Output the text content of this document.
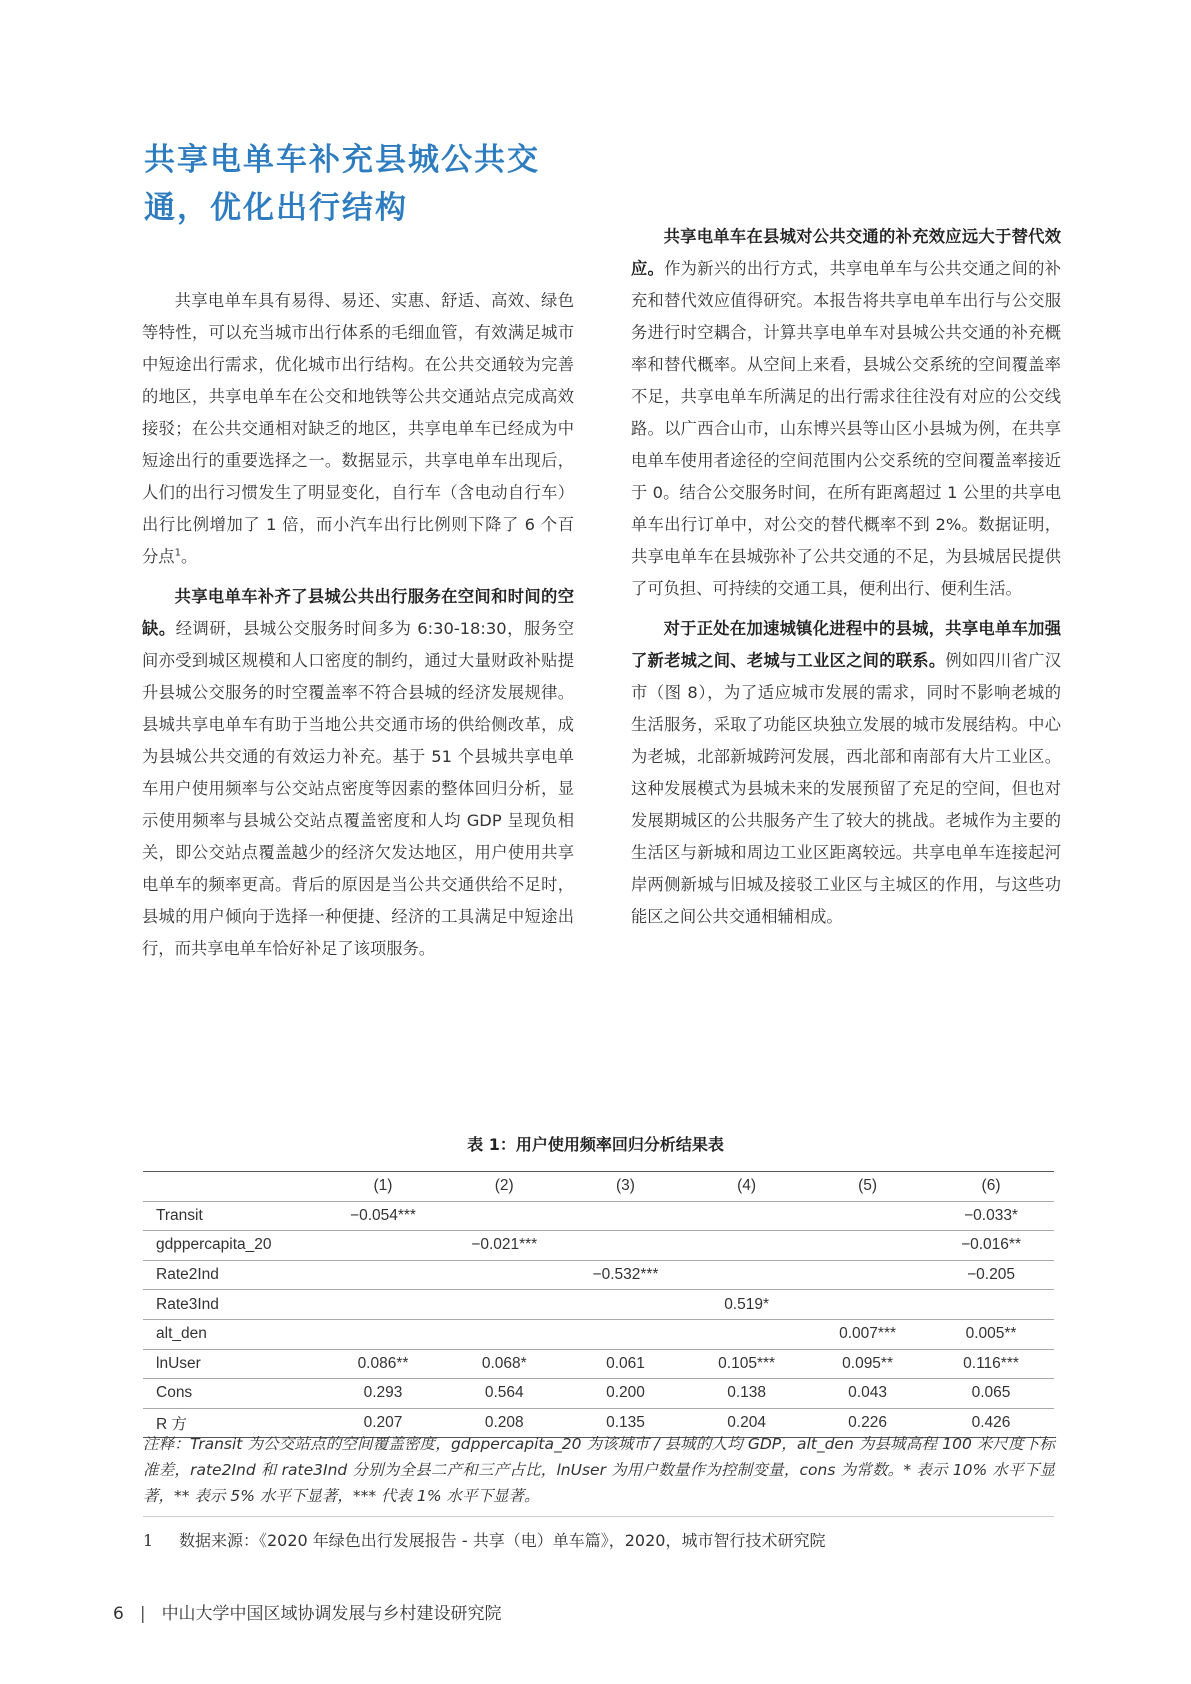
共享电单车补充县城公共交通，优化出行结构

共享电单车具有易得、易还、实惠、舒适、高效、绿色等特性，可以充当城市出行体系的毛细血管，有效满足城市中短途出行需求，优化城市出行结构。在公共交通较为完善的地区，共享电单车在公交和地铁等公共交通站点完成高效接驳；在公共交通相对缺乏的地区，共享电单车已经成为中短途出行的重要选择之一。数据显示，共享电单车出现后，人们的出行习惯发生了明显变化，自行车（含电动自行车）出行比例增加了 1 倍，而小汽车出行比例则下降了 6 个百分点$^1$。

共享电单车补齐了县城公共出行服务在空间和时间的空缺。经调研，县城公交服务时间多为 6:30-18:30，服务空间亦受到城区规模和人口密度的制约，通过大量财政补贴提升县城公交服务的时空覆盖率不符合县城的经济发展规律。县城共享电单车有助于当地公共交通市场的供给侧改革，成为县城公共交通的有效运力补充。基于 51 个县城共享电单车用户使用频率与公交站点密度等因素的整体回归分析，显示使用频率与县城公交站点覆盖密度和人均 GDP 呈现负相关，即公交站点覆盖越少的经济欠发达地区，用户使用共享电单车的频率更高。背后的原因是当公共交通供给不足时，县城的用户倾向于选择一种便捷、经济的工具满足中短途出行，而共享电单车恰好补足了该项服务。

共享电单车在县城对公共交通的补充效应远大于替代效应。作为新兴的出行方式，共享电单车与公共交通之间的补充和替代效应值得研究。本报告将共享电单车出行与公交服务进行时空耦合，计算共享电单车对县城公共交通的补充概率和替代概率。从空间上来看，县城公交系统的空间覆盖率不足，共享电单车所满足的出行需求往往没有对应的公交线路。以广西合山市，山东博兴县等山区小县城为例，在共享电单车使用者途径的空间范围内公交系统的空间覆盖率接近于 0。结合公交服务时间，在所有距离超过 1 公里的共享电单车出行订单中，对公交的替代概率不到 2%。数据证明，共享电单车在县城弥补了公共交通的不足，为县城居民提供了可负担、可持续的交通工具，便利出行、便利生活。

对于正处在加速城镇化进程中的县城，共享电单车加强了新老城之间、老城与工业区之间的联系。例如四川省广汉市（图 8），为了适应城市发展的需求，同时不影响老城的生活服务，采取了功能区块独立发展的城市发展结构。中心为老城，北部新城跨河发展，西北部和南部有大片工业区。这种发展模式为县城未来的发展预留了充足的空间，但也对发展期城区的公共服务产生了较大的挑战。老城作为主要的生活区与新城和周边工业区距离较远。共享电单车连接起河岸两侧新城与旧城及接驳工业区与主城区的作用，与这些功能区之间公共交通相辅相成。

表 1：用户使用频率回归分析结果表
	(1)	(2)	(3)	(4)	(5)	(6)
Transit	−0.054***					−0.033*
gdppercapita_20		−0.021***				−0.016**
Rate2Ind			−0.532***			−0.205
Rate3Ind				0.519*		
alt_den					0.007***	0.005**
lnUser	0.086**	0.068*	0.061	0.105***	0.095**	0.116***
Cons	0.293	0.564	0.200	0.138	0.043	0.065
R 方	0.207	0.208	0.135	0.204	0.226	0.426
注释：Transit 为公交站点的空间覆盖密度，gdppercapita_20 为该城市 / 县城的人均 GDP，alt_den 为县城高程 100 米尺度下标准差，rate2Ind 和 rate3Ind 分别为全县二产和三产占比，lnUser 为用户数量作为控制变量，cons 为常数。* 表示 10% 水平下显著，** 表示 5% 水平下显著，*** 代表 1% 水平下显著。
1 数据来源：《2020 年绿色出行发展报告 - 共享（电）单车篇》，2020，城市智行技术研究院
6 | 中山大学中国区域协调发展与乡村建设研究院
